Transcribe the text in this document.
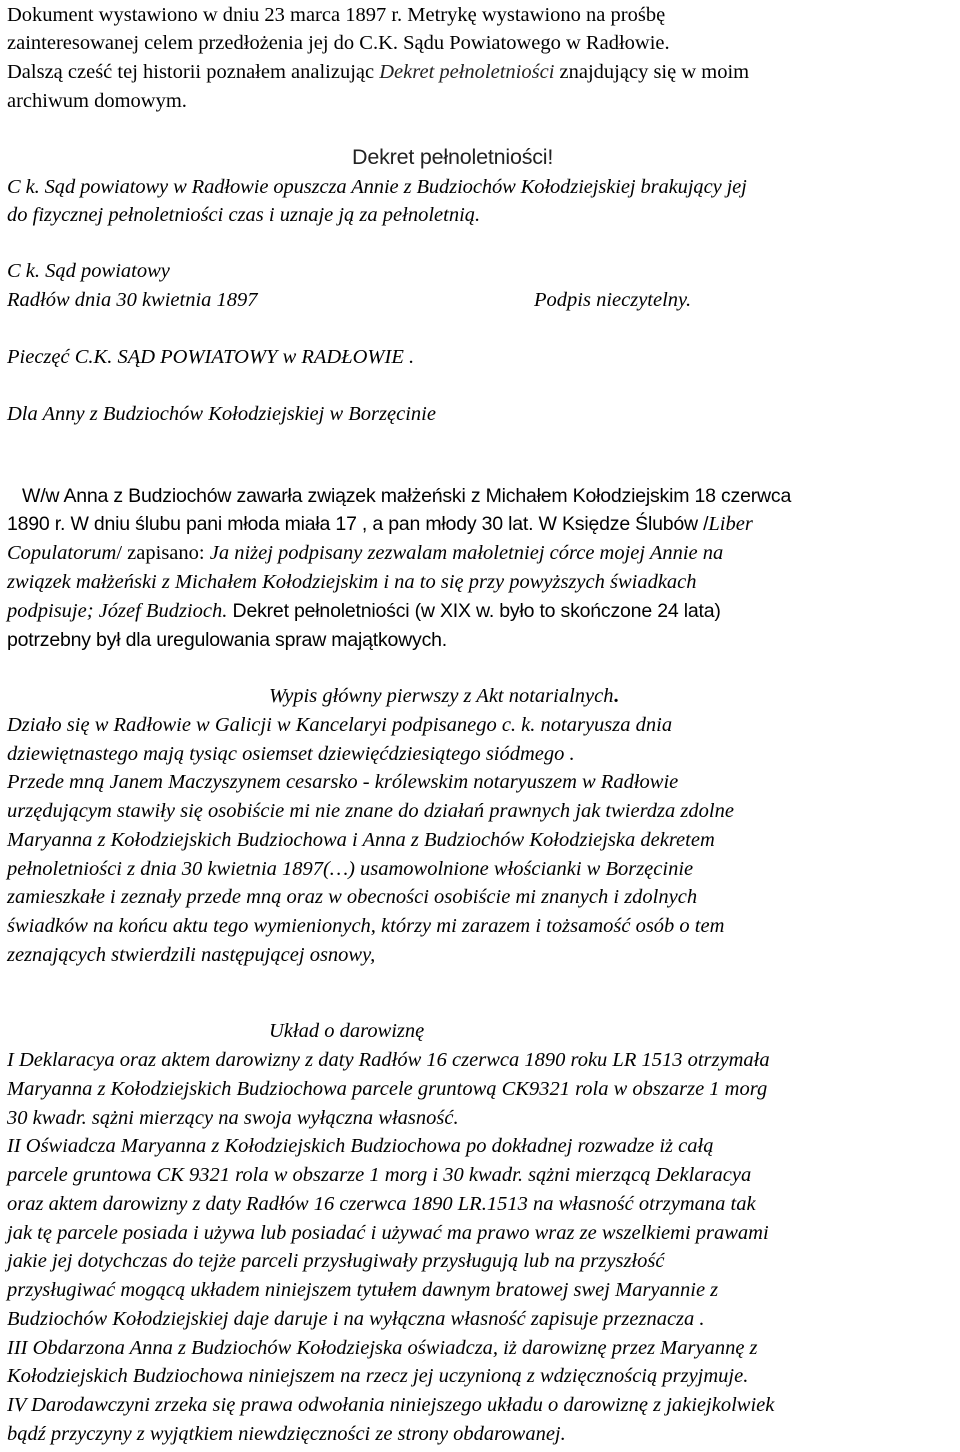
Dokument wystawiono w dniu 23 marca 1897 r. Metrykę wystawiono na prośbę
zainteresowanej celem przedłożenia jej do C.K. Sądu Powiatowego w Radłowie.
Dalszą cześć tej historii poznałem analizując Dekret pełnoletniości znajdujący się w moim
archiwum domowym.
Dekret pełnoletniości!
C k. Sąd powiatowy w Radłowie opuszcza Annie z Budziochów Kołodziejskiej brakujący jej
do fizycznej pełnoletniości czas i uznaje ją za pełnoletnią.
C k. Sąd powiatowy
Radłów dnia 30 kwietnia 1897	Podpis nieczytelny.
Pieczęć C.K. SĄD POWIATOWY w RADŁOWIE .
Dla Anny z Budziochów Kołodziejskiej w Borzęcinie
W/w Anna z Budziochów zawarła związek małżeński z Michałem Kołodziejskim 18 czerwca
1890 r. W dniu ślubu pani młoda miała 17 , a pan młody 30 lat. W Księdze Ślubów /Liber
Copulatorum/ zapisano: Ja niżej podpisany zezwalam małoletniej córce mojej Annie na
związek małżeński z Michałem Kołodziejskim i na to się przy powyższych świadkach
podpisuje; Józef Budzioch. Dekret pełnoletniości (w XIX w. było to skończone 24 lata)
potrzebny był dla uregulowania spraw majątkowych.
Wypis główny pierwszy z Akt notarialnych.
Działo się w Radłowie w Galicji w Kancelaryi podpisanego c. k. notaryusza dnia
dziewiętnastego mają tysiąc osiemset dziewięćdziesiątego siódmego .
Przede mną Janem Maczyszynem cesarsko - królewskim notaryuszem w Radłowie
urzędującym stawiły się osobiście mi nie znane do działań prawnych jak twierdza zdolne
Maryanna z Kołodziejskich Budziochowa i Anna z Budziochów Kołodziejska dekretem
pełnoletniości z dnia 30 kwietnia 1897(…) usamowolnione włościanki w Borzęcinie
zamieszkałe i zeznały przede mną oraz w obecności osobiście mi znanych i zdolnych
świadków na końcu aktu tego wymienionych, którzy mi zarazem i tożsamość osób o tem
zeznających stwierdzili następującej osnowy,
Układ o darowiznę
I Deklaracya oraz aktem darowizny z daty Radłów 16 czerwca 1890 roku LR 1513 otrzymała
Maryanna z Kołodziejskich Budziochowa parcele gruntową CK9321 rola w obszarze 1 morg
30 kwadr. sążni mierzący na swoja wyłączna własność.
II Oświadcza Maryanna z Kołodziejskich Budziochowa po dokładnej rozwadze iż całą
parcele gruntowa CK 9321 rola w obszarze 1 morg i 30 kwadr. sążni mierzącą Deklaracya
oraz aktem darowizny z daty Radłów 16 czerwca 1890 LR.1513 na własność otrzymana tak
jak tę parcele posiada i używa lub posiadać i używać ma prawo wraz ze wszelkiemi prawami
jakie jej dotychczas do tejże parceli przysługiwały przysługują lub na przyszłość
przysługiwać mogącą układem niniejszem tytułem dawnym bratowej swej Maryannie z
Budziochów Kołodziejskiej daje daruje i na wyłączna własność zapisuje przeznacza .
III Obdarzona Anna z Budziochów Kołodziejska oświadcza, iż darowiznę przez Maryannę z
Kołodziejskich Budziochowa niniejszem na rzecz jej uczynioną z wdzięcznością przyjmuje.
IV Darodawczyni zrzeka się prawa odwołania niniejszego układu o darowiznę z jakiejkolwiek
bądź przyczyny z wyjątkiem niewdzięczności ze strony obdarowanej.
